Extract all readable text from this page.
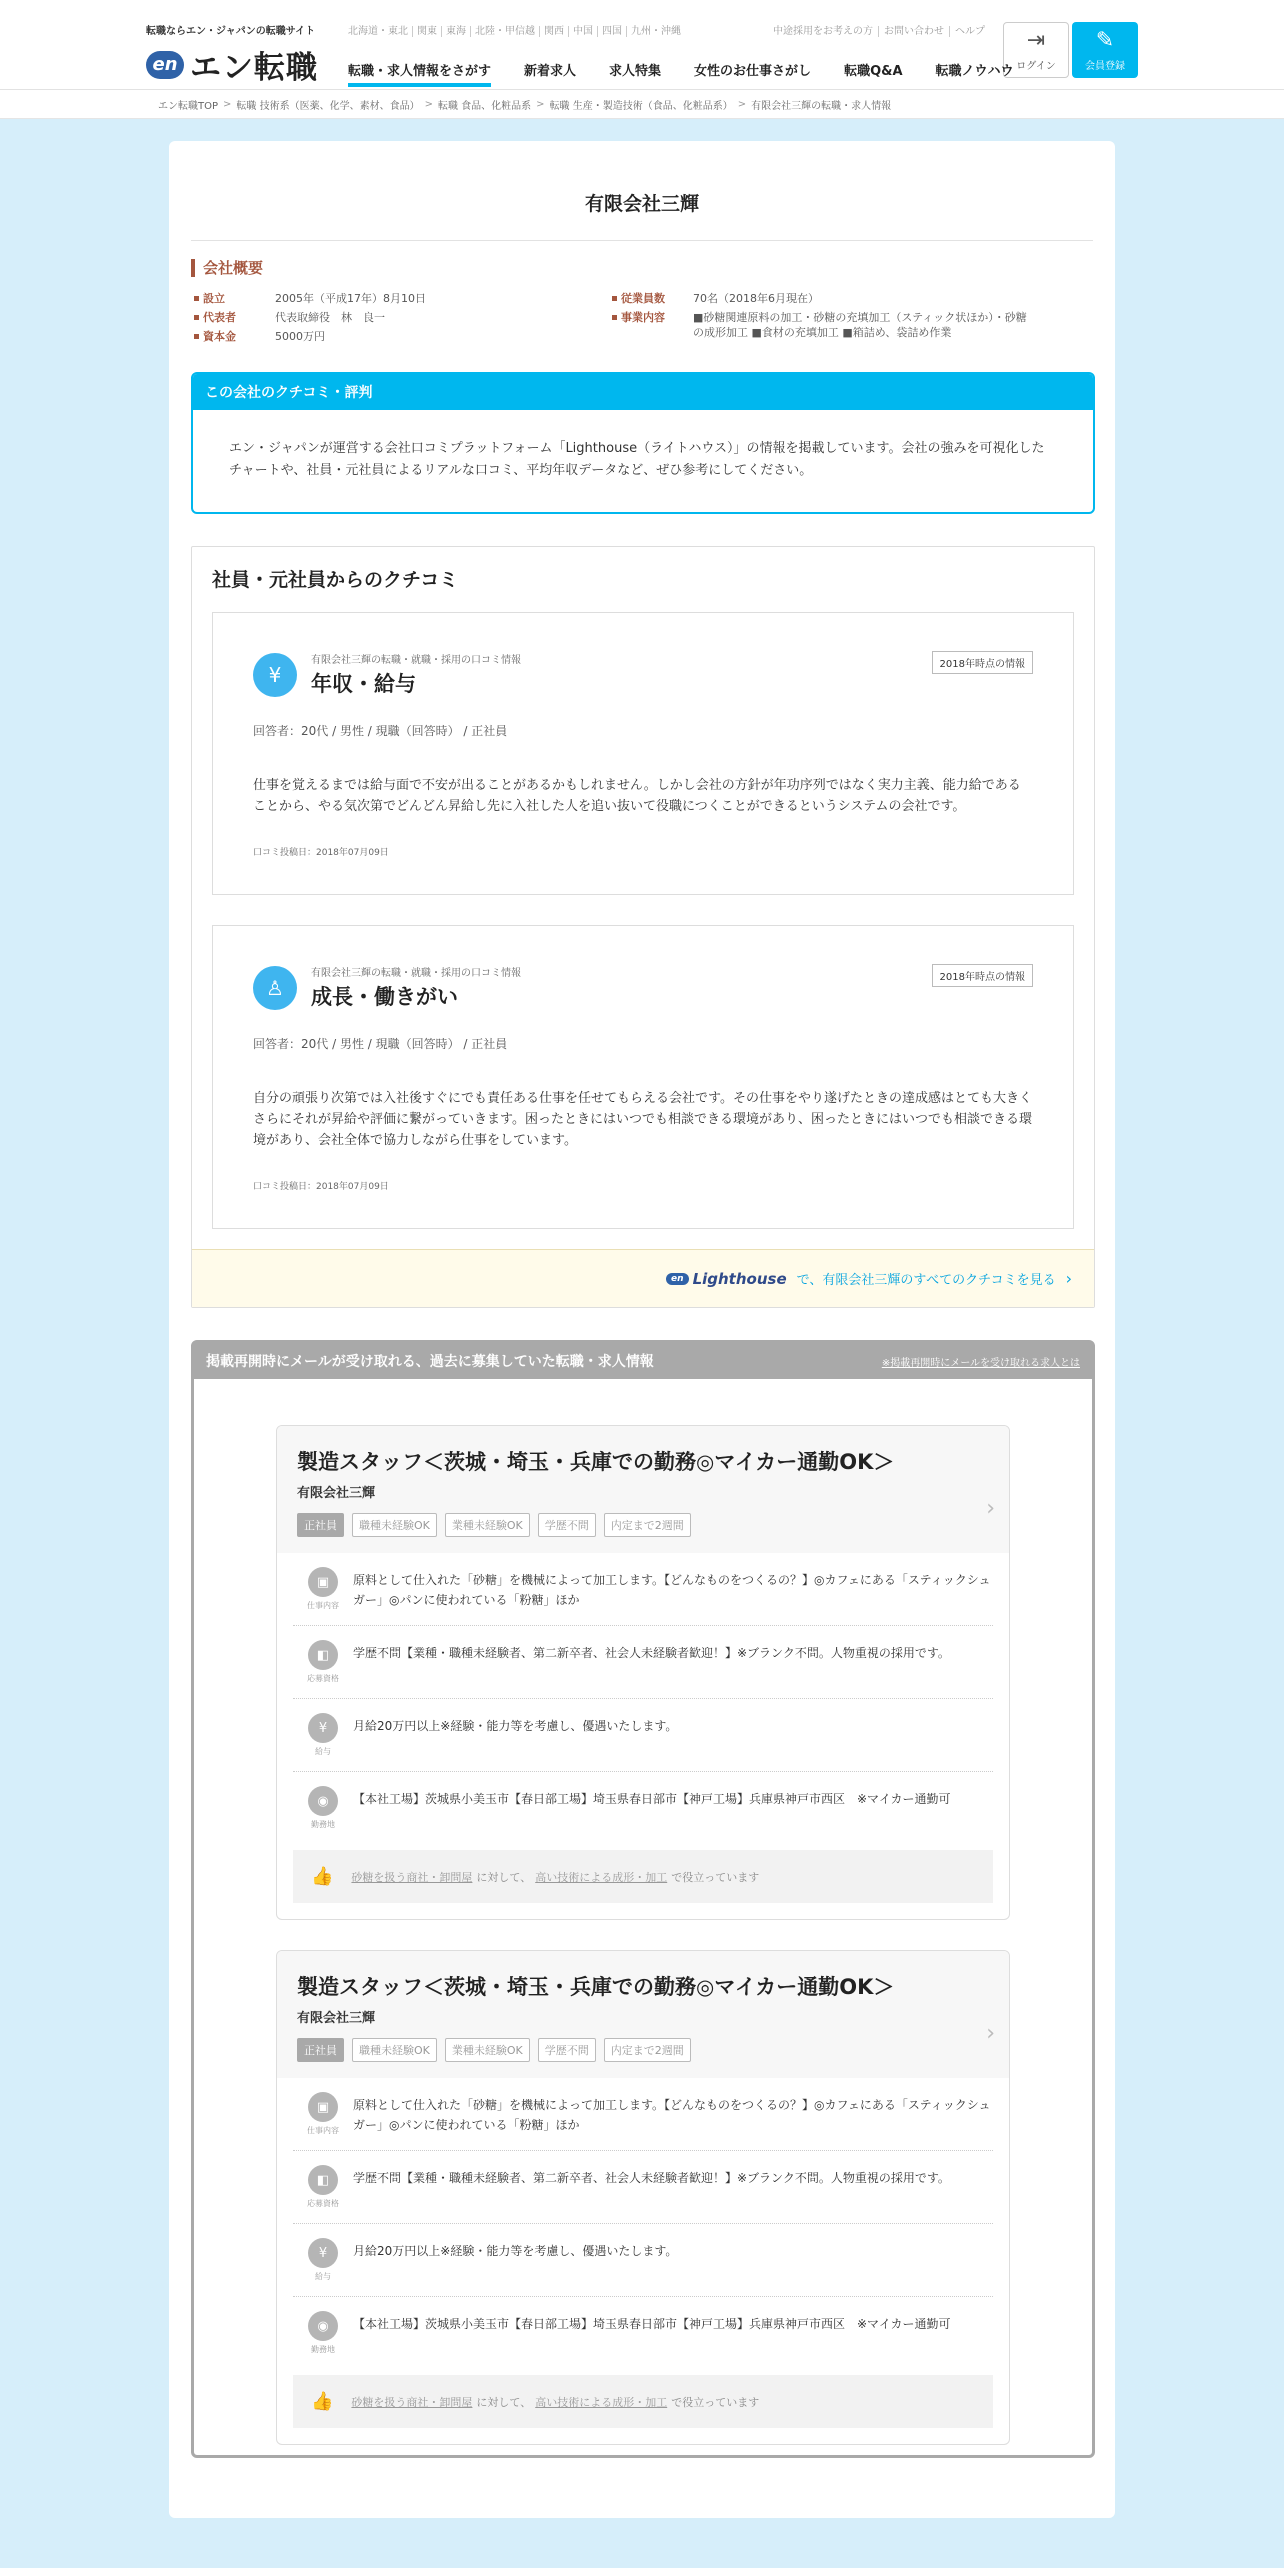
転職ならエン・ジャパンの転職サイト
en エン転職
北海道・東北 関東 東海 北陸・甲信越 関西 中国 四国 九州・沖縄	中途採用をお考えの方	お問い合わせ	ヘルプ ⇥
ログイン
✎
会員登録
転職・求人情報をさがす	新着求人	求人特集	女性のお仕事さがし	転職Q&A	転職ノウハウ
エン転職TOP > 転職 技術系（医薬、化学、素材、食品） > 転職 食品、化粧品系 > 転職 生産・製造技術（食品、化粧品系） > 有限会社三輝の転職・求人情報
有限会社三輝
会社概要
設立	2005年（平成17年）8月10日
代表者	代表取締役　林　良一
資本金	5000万円
従業員数	70名（2018年6月現在）
事業内容	■砂糖関連原料の加工・砂糖の充填加工（スティック状ほか）・砂糖の成形加工 ■食材の充填加工 ■箱詰め、袋詰め作業
この会社のクチコミ・評判
エン・ジャパンが運営する会社口コミプラットフォーム「Lighthouse（ライトハウス）」の情報を掲載しています。会社の強みを可視化したチャートや、社員・元社員によるリアルな口コミ、平均年収データなど、ぜひ参考にしてください。
社員・元社員からのクチコミ
¥
有限会社三輝の転職・就職・採用の口コミ情報
年収・給与
2018年時点の情報
回答者：20代 / 男性 / 現職（回答時） / 正社員
仕事を覚えるまでは給与面で不安が出ることがあるかもしれません。しかし会社の方針が年功序列ではなく実力主義、能力給であることから、やる気次第でどんどん昇給し先に入社した人を追い抜いて役職につくことができるというシステムの会社です。
口コミ投稿日：2018年07月09日
♙
有限会社三輝の転職・就職・採用の口コミ情報
成長・働きがい
2018年時点の情報
回答者：20代 / 男性 / 現職（回答時） / 正社員
自分の頑張り次第では入社後すぐにでも責任ある仕事を任せてもらえる会社です。その仕事をやり遂げたときの達成感はとても大きくさらにそれが昇給や評価に繋がっていきます。困ったときにはいつでも相談できる環境があり、困ったときにはいつでも相談できる環境があり、会社全体で協力しながら仕事をしています。
口コミ投稿日：2018年07月09日
en Lighthouse で、有限会社三輝のすべてのクチコミを見る ›
掲載再開時にメールが受け取れる、過去に募集していた転職・求人情報	※掲載再開時にメールを受け取れる求人とは
製造スタッフ＜茨城・埼玉・兵庫での勤務◎マイカー通勤OK＞
有限会社三輝
正社員	職種未経験OK	業種未経験OK	学歴不問	内定まで2週間
›
▣
仕事内容
原料として仕入れた「砂糖」を機械によって加工します。【どんなものをつくるの？】◎カフェにある「スティックシュガー」◎パンに使われている「粉糖」ほか
◧
応募資格
学歴不問【業種・職種未経験者、第二新卒者、社会人未経験者歓迎！】※ブランク不問。人物重視の採用です。
¥
給与
月給20万円以上※経験・能力等を考慮し、優遇いたします。
◉
勤務地
【本社工場】茨城県小美玉市【春日部工場】埼玉県春日部市【神戸工場】兵庫県神戸市西区　※マイカー通勤可
👍 砂糖を扱う商社・卸問屋 に対して、 高い技術による成形・加工 で役立っています
製造スタッフ＜茨城・埼玉・兵庫での勤務◎マイカー通勤OK＞
有限会社三輝
正社員	職種未経験OK	業種未経験OK	学歴不問	内定まで2週間
›
▣
仕事内容
原料として仕入れた「砂糖」を機械によって加工します。【どんなものをつくるの？】◎カフェにある「スティックシュガー」◎パンに使われている「粉糖」ほか
◧
応募資格
学歴不問【業種・職種未経験者、第二新卒者、社会人未経験者歓迎！】※ブランク不問。人物重視の採用です。
¥
給与
月給20万円以上※経験・能力等を考慮し、優遇いたします。
◉
勤務地
【本社工場】茨城県小美玉市【春日部工場】埼玉県春日部市【神戸工場】兵庫県神戸市西区　※マイカー通勤可
👍 砂糖を扱う商社・卸問屋 に対して、 高い技術による成形・加工 で役立っています
